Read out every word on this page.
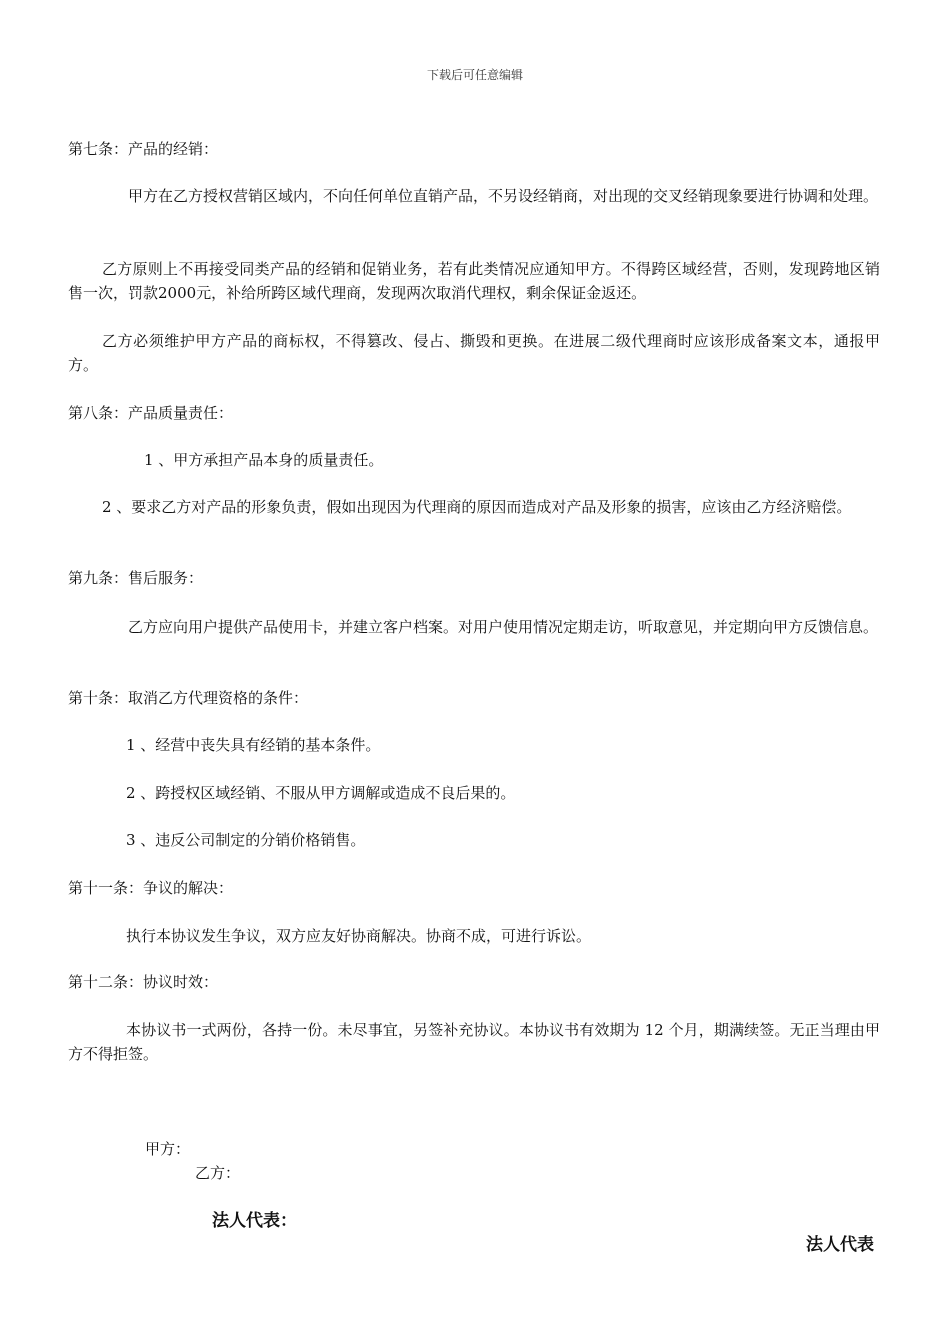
下载后可任意编辑
第七条：产品的经销：
甲方在乙方授权营销区域内，不向任何单位直销产品，不另设经销商，对出现的交叉经销现象要进行协调和处理。
乙方原则上不再接受同类产品的经销和促销业务，若有此类情况应通知甲方。不得跨区域经营，否则，发现跨地区销售一次，罚款2000元，补给所跨区域代理商，发现两次取消代理权，剩余保证金返还。
乙方必须维护甲方产品的商标权，不得篡改、侵占、撕毁和更换。在进展二级代理商时应该形成备案文本，通报甲方。
第八条：产品质量责任：
1 、甲方承担产品本身的质量责任。
2 、要求乙方对产品的形象负责，假如出现因为代理商的原因而造成对产品及形象的损害，应该由乙方经济赔偿。
第九条：售后服务：
乙方应向用户提供产品使用卡，并建立客户档案。对用户使用情况定期走访，听取意见，并定期向甲方反馈信息。
第十条：取消乙方代理资格的条件：
1 、经营中丧失具有经销的基本条件。
2 、跨授权区域经销、不服从甲方调解或造成不良后果的。
3 、违反公司制定的分销价格销售。
第十一条：争议的解决：
执行本协议发生争议，双方应友好协商解决。协商不成，可进行诉讼。
第十二条：协议时效：
本协议书一式两份，各持一份。未尽事宜，另签补充协议。本协议书有效期为 12 个月，期满续签。无正当理由甲方不得拒签。
甲方：
乙方：
法人代表：
法人代表
